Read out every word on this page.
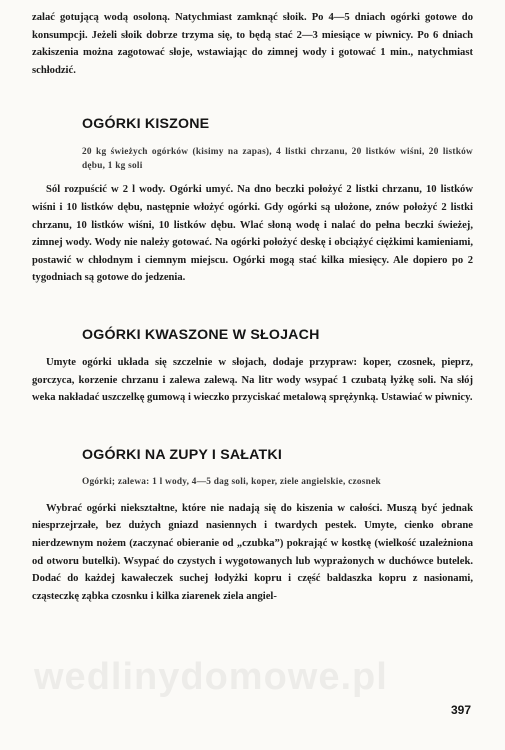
zalać gotującą wodą osoloną. Natychmiast zamknąć słoik. Po 4—5 dniach ogórki gotowe do konsumpcji. Jeżeli słoik dobrze trzyma się, to będą stać 2—3 miesiące w piwnicy. Po 6 dniach zakiszenia można zagotować słoje, wstawiając do zimnej wody i gotować 1 min., natychmiast schłodzić.

OGÓRKI KISZONE

20 kg świeżych ogórków (kisimy na zapas), 4 listki chrzanu, 20 listków wiśni, 20 listków dębu, 1 kg soli

Sól rozpuścić w 2 l wody. Ogórki umyć. Na dno beczki położyć 2 listki chrzanu, 10 listków wiśni i 10 listków dębu, następnie włożyć ogórki. Gdy ogórki są ułożone, znów położyć 2 listki chrzanu, 10 listków wiśni, 10 listków dębu. Wlać słoną wodę i nalać do pełna beczki świeżej, zimnej wody. Wody nie należy gotować. Na ogórki położyć deskę i obciążyć ciężkimi kamieniami, postawić w chłodnym i ciemnym miejscu. Ogórki mogą stać kilka miesięcy. Ale dopiero po 2 tygodniach są gotowe do jedzenia.

OGÓRKI KWASZONE W SŁOJACH

Umyte ogórki układa się szczelnie w słojach, dodaje przypraw: koper, czosnek, pieprz, gorczyca, korzenie chrzanu i zalewa zalewą. Na litr wody wsypać 1 czubatą łyżkę soli. Na słój weka nakładać uszczelkę gumową i wieczko przyciskać metalową sprężynką. Ustawiać w piwnicy.

OGÓRKI NA ZUPY I SAŁATKI

Ogórki; zalewa: 1 l wody, 4—5 dag soli, koper, ziele angielskie, czosnek

Wybrać ogórki niekształtne, które nie nadają się do kiszenia w całości. Muszą być jednak niesprzejrzałe, bez dużych gniazd nasiennych i twardych pestek. Umyte, cienko obrane nierdzewnym nożem (zaczynać obieranie od „czubka”) pokrająć w kostkę (wielkość uzależniona od otworu butelki). Wsypać do czystych i wygotowanych lub wyprażonych w duchówce butelek. Dodać do każdej kawałeczek suchej łodyżki kopru i część baldaszka kopru z nasionami, cząsteczkę ząbka czosnku i kilka ziarenek ziela angiel-

wedlinydomowe.pl
397
